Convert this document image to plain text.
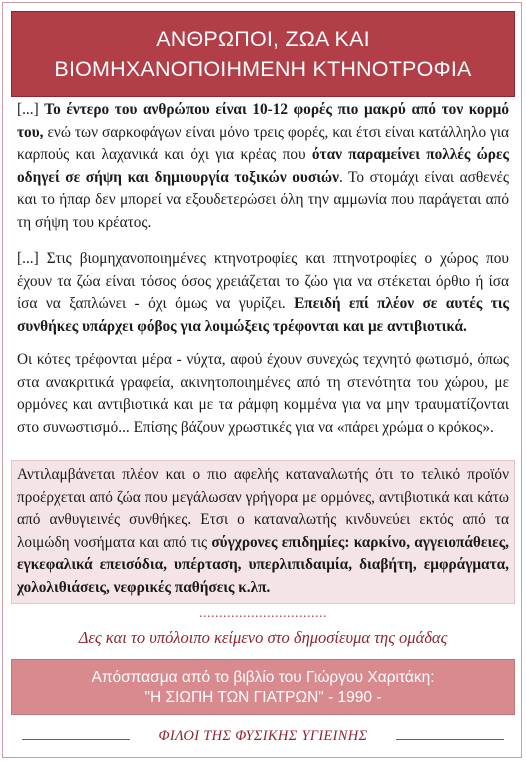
ΑΝΘΡΩΠΟΙ, ΖΩΑ ΚΑΙ
ΒΙΟΜΗΧΑΝΟΠΟΙΗΜΕΝΗ ΚΤΗΝΟΤΡΟΦΙΑ

[...] Το έντερο του ανθρώπου είναι 10-12 φορές πιο μακρύ από τον κορμό του, ενώ των σαρκοφάγων είναι μόνο τρεις φορές, και έτσι είναι κατάλληλο για καρπούς και λαχανικά και όχι για κρέας που όταν παραμείνει πολλές ώρες οδηγεί σε σήψη και δημιουργία τοξικών ουσιών. Το στομάχι είναι ασθενές και το ήπαρ δεν μπορεί να εξουδετερώσει όλη την αμμωνία που παράγεται από τη σήψη του κρέατος.

[...] Στις βιομηχανοποιημένες κτηνοτροφίες και πτηνοτροφίες ο χώρος που έχουν τα ζώα είναι τόσος όσος χρειάζεται το ζώο για να στέκεται όρθιο ή ίσα ίσα να ξαπλώνει - όχι όμως να γυρίζει. Επειδή επί πλέον σε αυτές τις συνθήκες υπάρχει φόβος για λοιμώξεις τρέφονται και με αντιβιοτικά.

Οι κότες τρέφονται μέρα - νύχτα, αφού έχουν συνεχώς τεχνητό φωτισμό, όπως στα ανακριτικά γραφεία, ακινητοποιημένες από τη στενότητα του χώρου, με ορμόνες και αντιβιοτικά και με τα ράμφη κομμένα για να μην τραυματίζονται στο συνωστισμό... Επίσης βάζουν χρωστικές για να «πάρει χρώμα ο κρόκος».

Αντιλαμβάνεται πλέον και ο πιο αφελής καταναλωτής ότι το τελικό προϊόν προέρχεται από ζώα που μεγάλωσαν γρήγορα με ορμόνες, αντιβιοτικά και κάτω από ανθυγιεινές συνθήκες. Ετσι ο καταναλωτής κινδυνεύει εκτός από τα λοιμώδη νοσήματα και από τις σύγχρονες επιδημίες: καρκίνο, αγγειοπάθειες, εγκεφαλικά επεισόδια, υπέρταση, υπερλιπιδαιμία, διαβήτη, εμφράγματα, χολολιθιάσεις, νεφρικές παθήσεις κ.λπ.

................................
Δες και το υπόλοιπο κείμενο στο δημοσίευμα της ομάδας
Απόσπασμα από το βιβλίο του Γιώργου Χαριτάκη:
"Η ΣΙΩΠΗ ΤΩΝ ΓΙΑΤΡΩΝ" - 1990 -
ΦΙΛΟΙ ΤΗΣ ΦΥΣΙΚΗΣ ΥΓΙΕΙΝΗΣ
